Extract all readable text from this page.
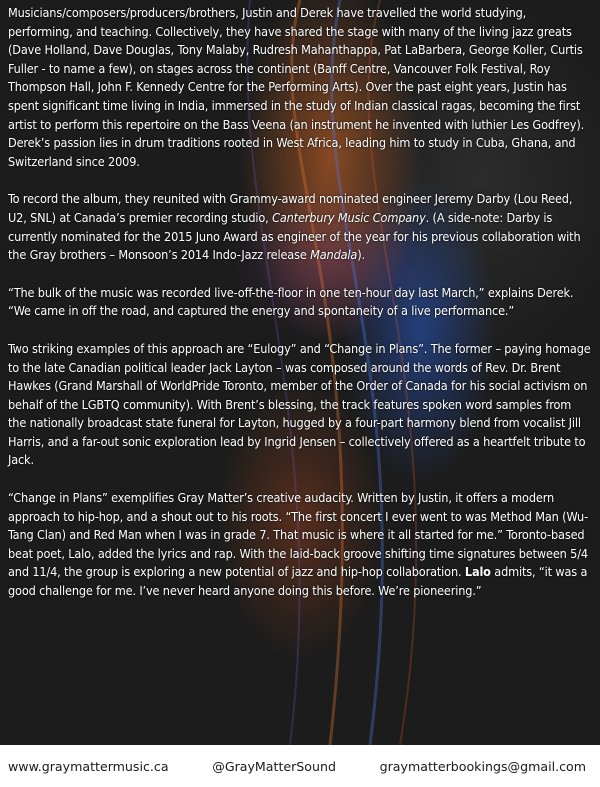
Musicians/composers/producers/brothers, Justin and Derek have travelled the world studying, performing, and teaching. Collectively, they have shared the stage with many of the living jazz greats (Dave Holland, Dave Douglas, Tony Malaby, Rudresh Mahanthappa, Pat LaBarbera, George Koller, Curtis Fuller - to name a few), on stages across the continent (Banff Centre, Vancouver Folk Festival, Roy Thompson Hall, John F. Kennedy Centre for the Performing Arts). Over the past eight years, Justin has spent significant time living in India, immersed in the study of Indian classical ragas, becoming the first artist to perform this repertoire on the Bass Veena (an instrument he invented with luthier Les Godfrey). Derek’s passion lies in drum traditions rooted in West Africa, leading him to study in Cuba, Ghana, and Switzerland since 2009.

To record the album, they reunited with Grammy-award nominated engineer Jeremy Darby (Lou Reed, U2, SNL) at Canada’s premier recording studio, Canterbury Music Company. (A side-note: Darby is currently nominated for the 2015 Juno Award as engineer of the year for his previous collaboration with the Gray brothers – Monsoon’s 2014 Indo-Jazz release Mandala).

“The bulk of the music was recorded live-off-the-floor in one ten-hour day last March,” explains Derek. “We came in off the road, and captured the energy and spontaneity of a live performance.”

Two striking examples of this approach are “Eulogy” and “Change in Plans”. The former – paying homage to the late Canadian political leader Jack Layton – was composed around the words of Rev. Dr. Brent Hawkes (Grand Marshall of WorldPride Toronto, member of the Order of Canada for his social activism on behalf of the LGBTQ community). With Brent’s blessing, the track features spoken word samples from the nationally broadcast state funeral for Layton, hugged by a four-part harmony blend from vocalist Jill Harris, and a far-out sonic exploration lead by Ingrid Jensen – collectively offered as a heartfelt tribute to Jack.

“Change in Plans” exemplifies Gray Matter’s creative audacity. Written by Justin, it offers a modern approach to hip-hop, and a shout out to his roots. “The first concert I ever went to was Method Man (Wu-Tang Clan) and Red Man when I was in grade 7. That music is where it all started for me.” Toronto-based beat poet, Lalo, added the lyrics and rap. With the laid-back groove shifting time signatures between 5/4 and 11/4, the group is exploring a new potential of jazz and hip-hop collaboration. Lalo admits, “it was a good challenge for me. I’ve never heard anyone doing this before. We’re pioneering.”

www.graymattermusic.ca	@GrayMatterSound	graymatterbookings@gmail.com
